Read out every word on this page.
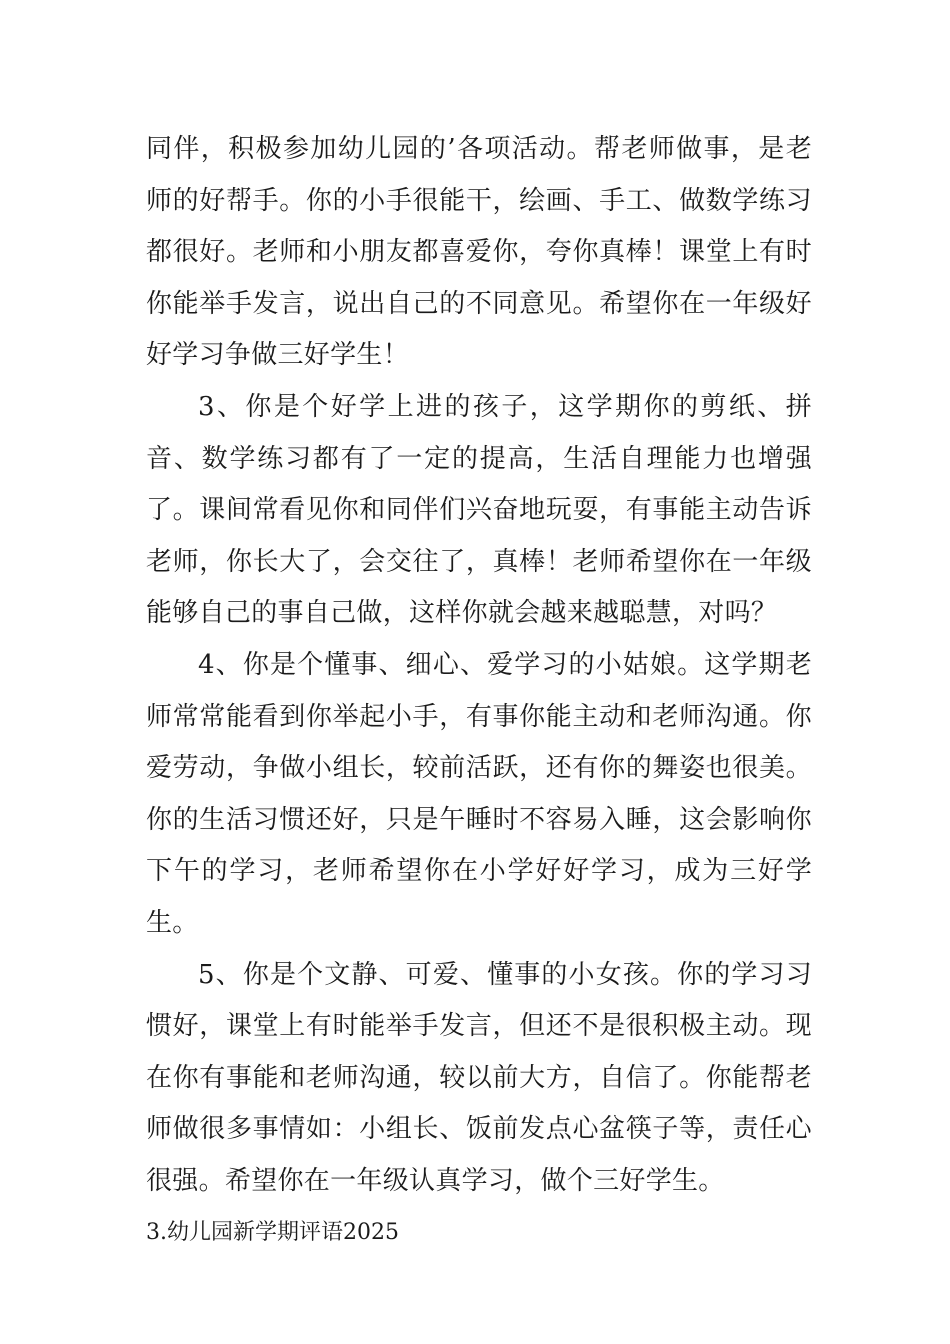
同伴，积极参加幼儿园的’各项活动。帮老师做事，是老师的好帮手。你的小手很能干，绘画、手工、做数学练习都很好。老师和小朋友都喜爱你，夸你真棒！课堂上有时你能举手发言，说出自己的不同意见。希望你在一年级好好学习争做三好学生！

3、你是个好学上进的孩子，这学期你的剪纸、拼音、数学练习都有了一定的提高，生活自理能力也增强了。课间常看见你和同伴们兴奋地玩耍，有事能主动告诉老师，你长大了，会交往了，真棒！老师希望你在一年级能够自己的事自己做，这样你就会越来越聪慧，对吗？

4、你是个懂事、细心、爱学习的小姑娘。这学期老师常常能看到你举起小手，有事你能主动和老师沟通。你爱劳动，争做小组长，较前活跃，还有你的舞姿也很美。你的生活习惯还好，只是午睡时不容易入睡，这会影响你下午的学习，老师希望你在小学好好学习，成为三好学生。

5、你是个文静、可爱、懂事的小女孩。你的学习习惯好，课堂上有时能举手发言，但还不是很积极主动。现在你有事能和老师沟通，较以前大方，自信了。你能帮老师做很多事情如：小组长、饭前发点心盆筷子等，责任心很强。希望你在一年级认真学习，做个三好学生。

3.幼儿园新学期评语2025
